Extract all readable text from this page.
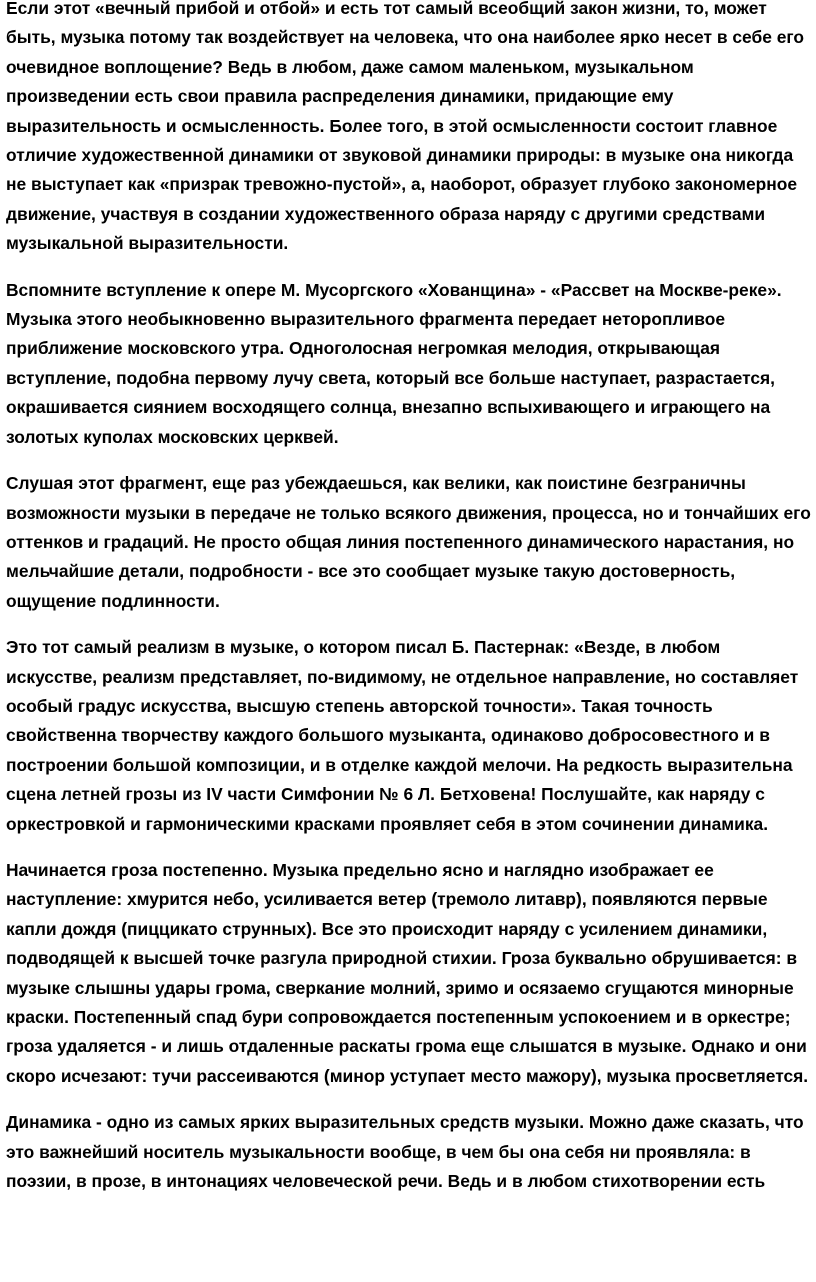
Если этот «вечный прибой и отбой» и есть тот самый всеобщий закон жизни, то, может быть, музыка потому так воздействует на человека, что она наиболее ярко несет в себе его очевидное воплощение? Ведь в любом, даже самом маленьком, музыкальном произведении есть свои правила распределения динамики, придающие ему выразительность и осмысленность. Более того, в этой осмысленности состоит главное отличие художественной динамики от звуковой динамики природы: в музыке она никогда не выступает как «призрак тревожно-пустой», а, наоборот, образует глубоко закономерное движение, участвуя в создании художественного образа наряду с другими средствами музыкальной выразительности.

Вспомните вступление к опере М. Мусоргского «Хованщина» - «Рассвет на Москве-реке». Музыка этого необыкновенно выразительного фрагмента передает неторопливое приближение московского утра. Одноголосная негромкая мелодия, открывающая вступление, подобна первому лучу света, который все больше наступает, разрастается, окрашивается сиянием восходящего солнца, внезапно вспыхивающего и играющего на золотых куполах московских церквей.

Слушая этот фрагмент, еще раз убеждаешься, как велики, как поистине безграничны возможности музыки в передаче не только всякого движения, процесса, но и тончайших его оттенков и градаций. Не просто общая линия постепенного динамического нарастания, но мельчайшие детали, подробности - все это сообщает музыке такую достоверность, ощущение подлинности.

Это тот самый реализм в музыке, о котором писал Б. Пастернак: «Везде, в любом искусстве, реализм представляет, по-видимому, не отдельное направление, но составляет особый градус искусства, высшую степень авторской точности». Такая точность свойственна творчеству каждого большого музыканта, одинаково добросовестного и в построении большой композиции, и в отделке каждой мелочи. На редкость выразительна сцена летней грозы из IV части Симфонии № 6 Л. Бетховена! Послушайте, как наряду с оркестровкой и гармоническими красками проявляет себя в этом сочинении динамика.

Начинается гроза постепенно. Музыка предельно ясно и наглядно изображает ее наступление: хмурится небо, усиливается ветер (тремоло литавр), появляются первые капли дождя (пиццикато струнных). Все это происходит наряду с усилением динамики, подводящей к высшей точке разгула природной стихии. Гроза буквально обрушивается: в музыке слышны удары грома, сверкание молний, зримо и осязаемо сгущаются минорные краски. Постепенный спад бури сопровождается постепенным успокоением и в оркестре; гроза удаляется - и лишь отдаленные раскаты грома еще слышатся в музыке. Однако и они скоро исчезают: тучи рассеиваются (минор уступает место мажору), музыка просветляется.

Динамика - одно из самых ярких выразительных средств музыки. Можно даже сказать, что это важнейший носитель музыкальности вообще, в чем бы она себя ни проявляла: в поэзии, в прозе, в интонациях человеческой речи. Ведь и в любом стихотворении есть
